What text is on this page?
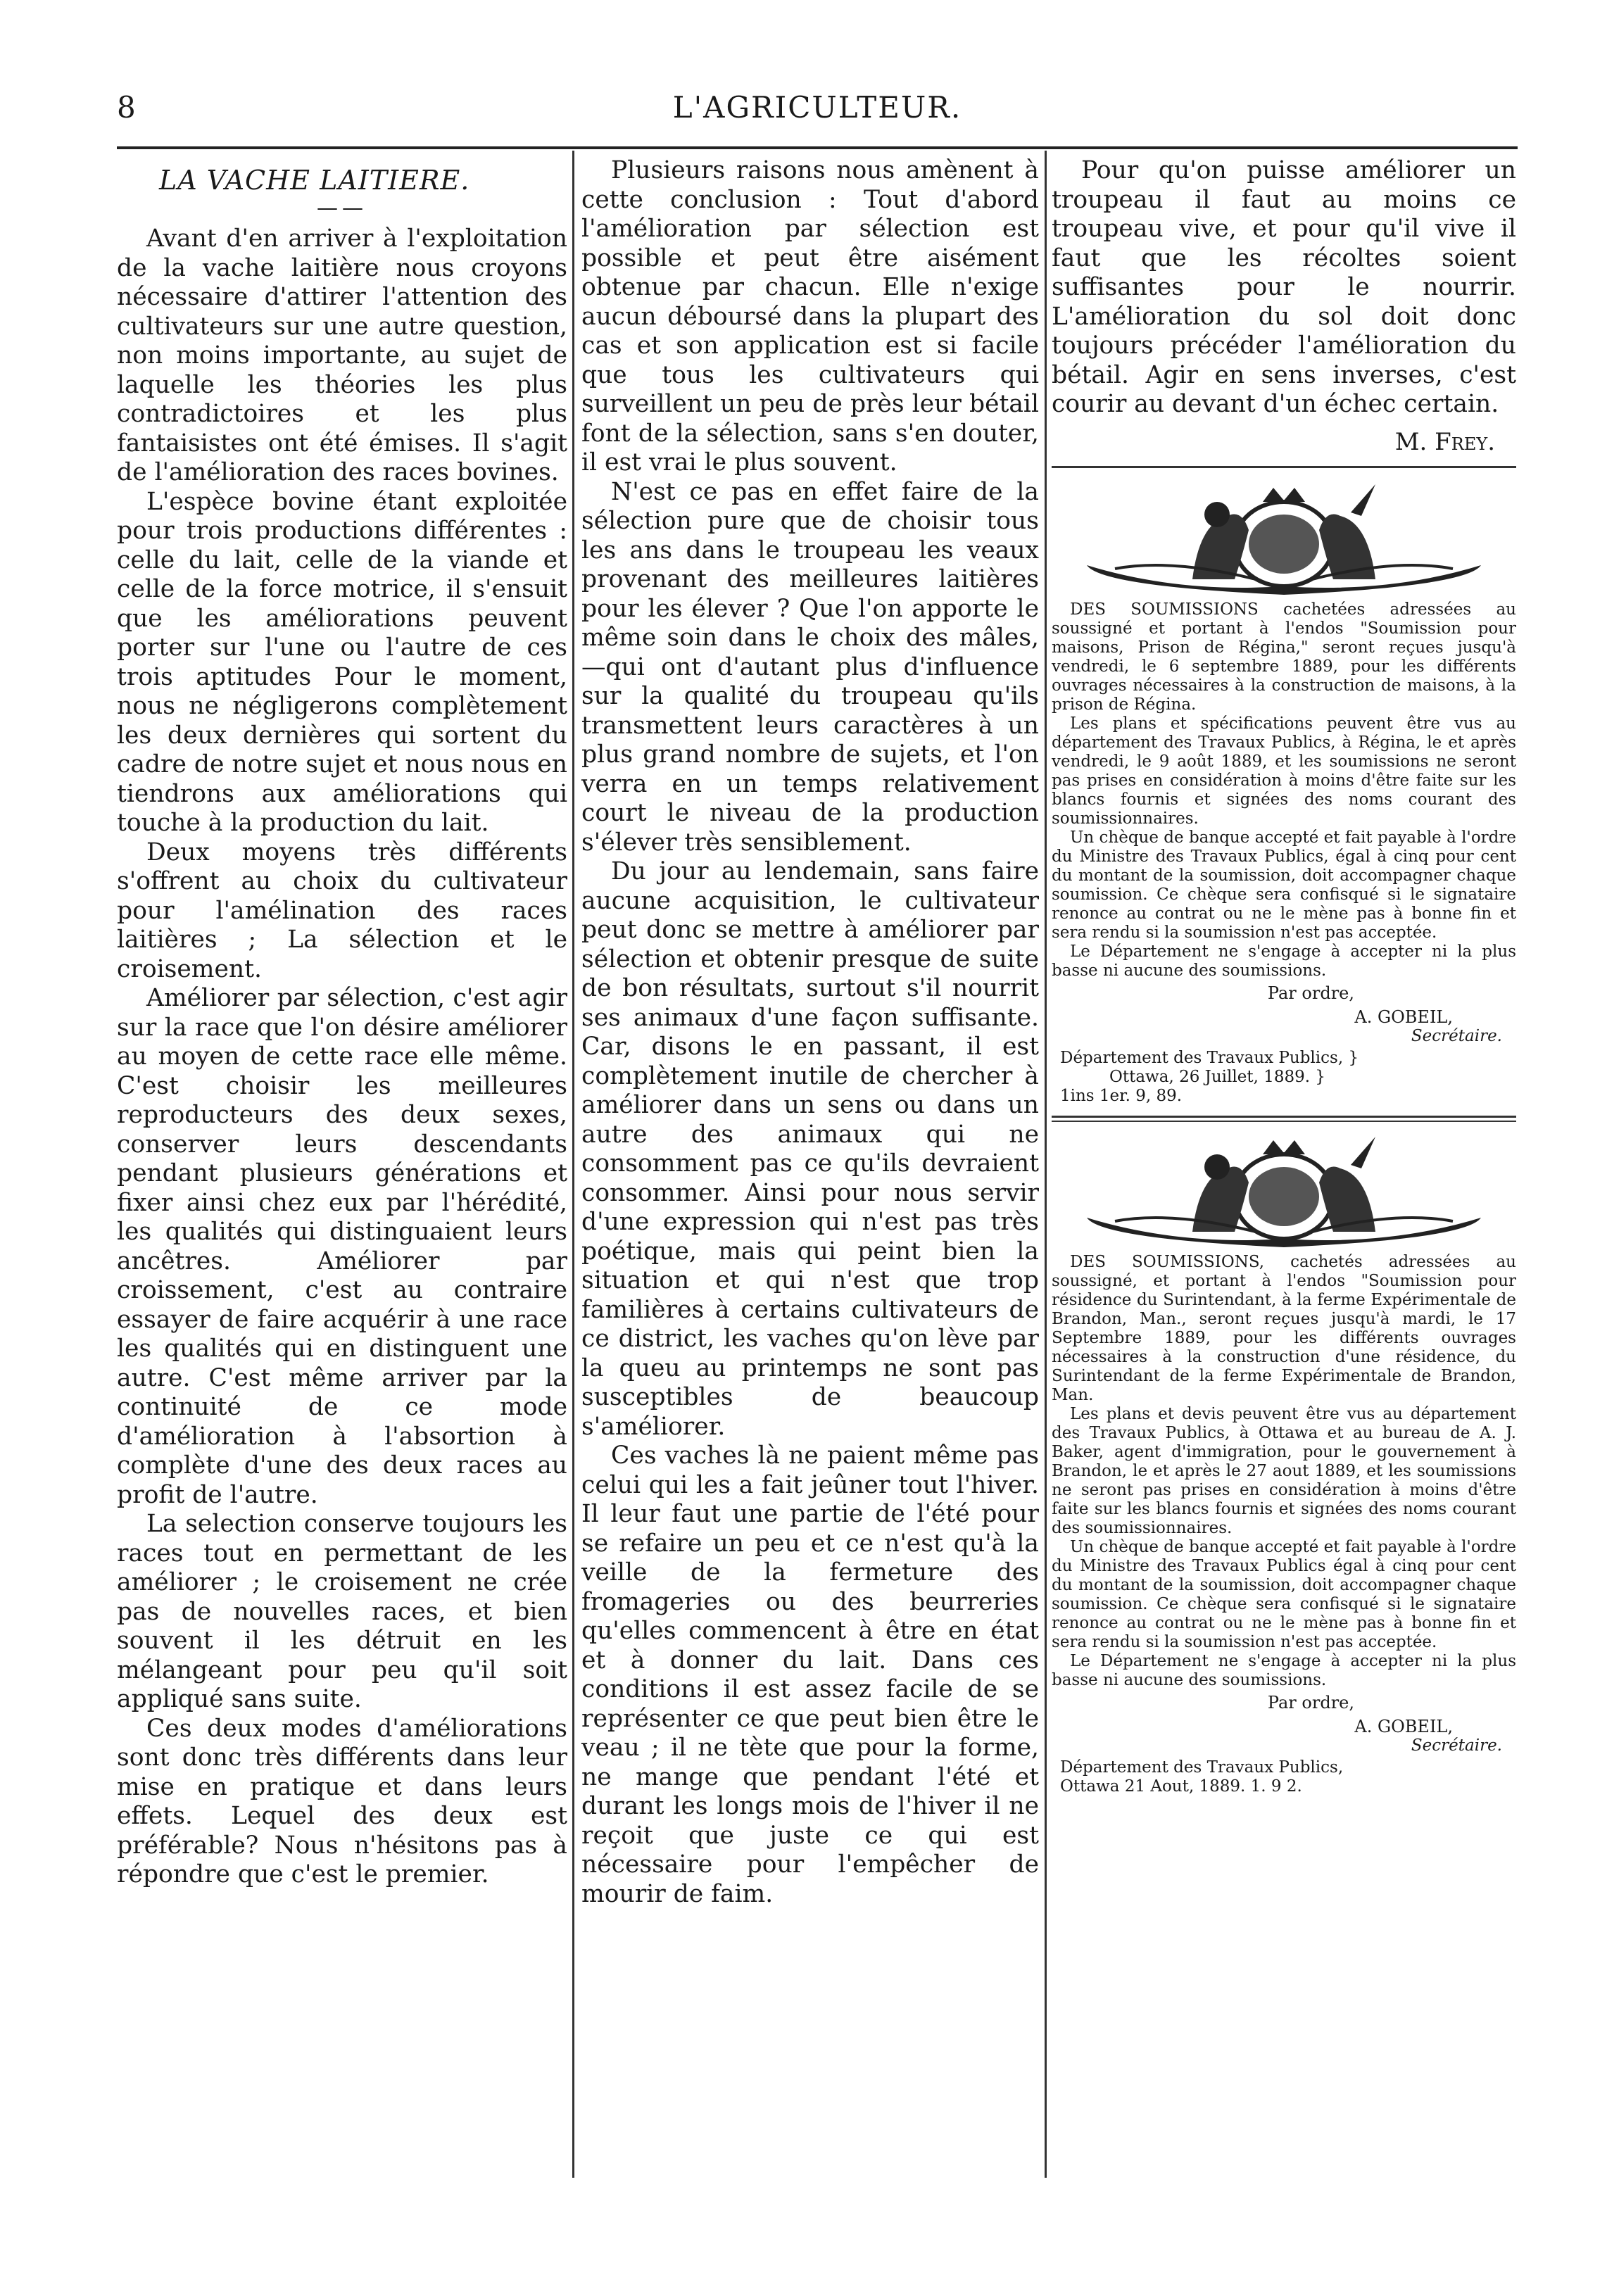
8	L'AGRICULTEUR.
LA VACHE LAITIERE.
——

Avant d'en arriver à l'exploitation de la vache laitière nous croyons nécessaire d'attirer l'attention des cultivateurs sur une autre question, non moins importante, au sujet de laquelle les théories les plus contradictoires et les plus fantaisistes ont été émises. Il s'agit de l'amélioration des races bovines.

L'espèce bovine étant exploitée pour trois productions différentes : celle du lait, celle de la viande et celle de la force motrice, il s'ensuit que les améliorations peuvent porter sur l'une ou l'autre de ces trois aptitudes Pour le moment, nous ne négligerons complètement les deux dernières qui sortent du cadre de notre sujet et nous nous en tiendrons aux améliorations qui touche à la production du lait.

Deux moyens très différents s'offrent au choix du cultivateur pour l'amélination des races laitières ; La sélection et le croisement.

Améliorer par sélection, c'est agir sur la race que l'on désire améliorer au moyen de cette race elle même. C'est choisir les meilleures reproducteurs des deux sexes, conserver leurs descendants pendant plusieurs générations et fixer ainsi chez eux par l'hérédité, les qualités qui distinguaient leurs ancêtres. Améliorer par croissement, c'est au contraire essayer de faire acquérir à une race les qualités qui en distinguent une autre. C'est même arriver par la continuité de ce mode d'amélioration à l'absortion à complète d'une des deux races au profit de l'autre.

La selection conserve toujours les races tout en permettant de les améliorer ; le croisement ne crée pas de nouvelles races, et bien souvent il les détruit en les mélangeant pour peu qu'il soit appliqué sans suite.

Ces deux modes d'améliorations sont donc très différents dans leur mise en pratique et dans leurs effets. Lequel des deux est préférable? Nous n'hésitons pas à répondre que c'est le premier.

Plusieurs raisons nous amènent à cette conclusion : Tout d'abord l'amélioration par sélection est possible et peut être aisément obtenue par chacun. Elle n'exige aucun déboursé dans la plupart des cas et son application est si facile que tous les cultivateurs qui surveillent un peu de près leur bétail font de la sélection, sans s'en douter, il est vrai le plus souvent.

N'est ce pas en effet faire de la sélection pure que de choisir tous les ans dans le troupeau les veaux provenant des meilleures laitières pour les élever ? Que l'on apporte le même soin dans le choix des mâles,—qui ont d'autant plus d'influence sur la qualité du troupeau qu'ils transmettent leurs caractères à un plus grand nombre de sujets, et l'on verra en un temps relativement court le niveau de la production s'élever très sensiblement.

Du jour au lendemain, sans faire aucune acquisition, le cultivateur peut donc se mettre à améliorer par sélection et obtenir presque de suite de bon résultats, surtout s'il nourrit ses animaux d'une façon suffisante. Car, disons le en passant, il est complètement inutile de chercher à améliorer dans un sens ou dans un autre des animaux qui ne consomment pas ce qu'ils devraient consommer. Ainsi pour nous servir d'une expression qui n'est pas très poétique, mais qui peint bien la situation et qui n'est que trop familières à certains cultivateurs de ce district, les vaches qu'on lève par la queu au printemps ne sont pas susceptibles de beaucoup s'améliorer.

Ces vaches là ne paient même pas celui qui les a fait jeûner tout l'hiver. Il leur faut une partie de l'été pour se refaire un peu et ce n'est qu'à la veille de la fermeture des fromageries ou des beurreries qu'elles commencent à être en état et à donner du lait. Dans ces conditions il est assez facile de se représenter ce que peut bien être le veau ; il ne tète que pour la forme, ne mange que pendant l'été et durant les longs mois de l'hiver il ne reçoit que juste ce qui est nécessaire pour l'empêcher de mourir de faim.

Pour qu'on puisse améliorer un troupeau il faut au moins ce troupeau vive, et pour qu'il vive il faut que les récoltes soient suffisantes pour le nourrir. L'amélioration du sol doit donc toujours précéder l'amélioration du bétail. Agir en sens inverses, c'est courir au devant d'un échec certain.

M. Frey.

DES SOUMISSIONS cachetées adressées au soussigné et portant à l'endos "Soumission pour maisons, Prison de Régina," seront reçues jusqu'à vendredi, le 6 septembre 1889, pour les différents ouvrages nécessaires à la construction de maisons, à la prison de Régina.

Les plans et spécifications peuvent être vus au département des Travaux Publics, à Régina, le et après vendredi, le 9 août 1889, et les soumissions ne seront pas prises en considération à moins d'être faite sur les blancs fournis et signées des noms courant des soumissionnaires.

Un chèque de banque accepté et fait payable à l'ordre du Ministre des Travaux Publics, égal à cinq pour cent du montant de la soumission, doit accompagner chaque soumission. Ce chèque sera confisqué si le signataire renonce au contrat ou ne le mène pas à bonne fin et sera rendu si la soumission n'est pas acceptée.

Le Département ne s'engage à accepter ni la plus basse ni aucune des soumissions.

Par ordre,
A. GOBEIL,
Secrétaire.
Département des Travaux Publics, }
Ottawa, 26 Juillet, 1889. }
1ins 1er. 9, 89.

DES SOUMISSIONS, cachetés adressées au soussigné, et portant à l'endos "Soumission pour résidence du Surintendant, à la ferme Expérimentale de Brandon, Man., seront reçues jusqu'à mardi, le 17 Septembre 1889, pour les différents ouvrages nécessaires à la construction d'une résidence, du Surintendant de la ferme Expérimentale de Brandon, Man.

Les plans et devis peuvent être vus au département des Travaux Publics, à Ottawa et au bureau de A. J. Baker, agent d'immigration, pour le gouvernement à Brandon, le et après le 27 aout 1889, et les soumissions ne seront pas prises en considération à moins d'être faite sur les blancs fournis et signées des noms courant des soumissionnaires.

Un chèque de banque accepté et fait payable à l'ordre du Ministre des Travaux Publics égal à cinq pour cent du montant de la soumission, doit accompagner chaque soumission. Ce chèque sera confisqué si le signataire renonce au contrat ou ne le mène pas à bonne fin et sera rendu si la soumission n'est pas acceptée.

Le Département ne s'engage à accepter ni la plus basse ni aucune des soumissions.

Par ordre,
A. GOBEIL,
Secrétaire.
Département des Travaux Publics,
Ottawa 21 Aout, 1889. 1. 9 2.
